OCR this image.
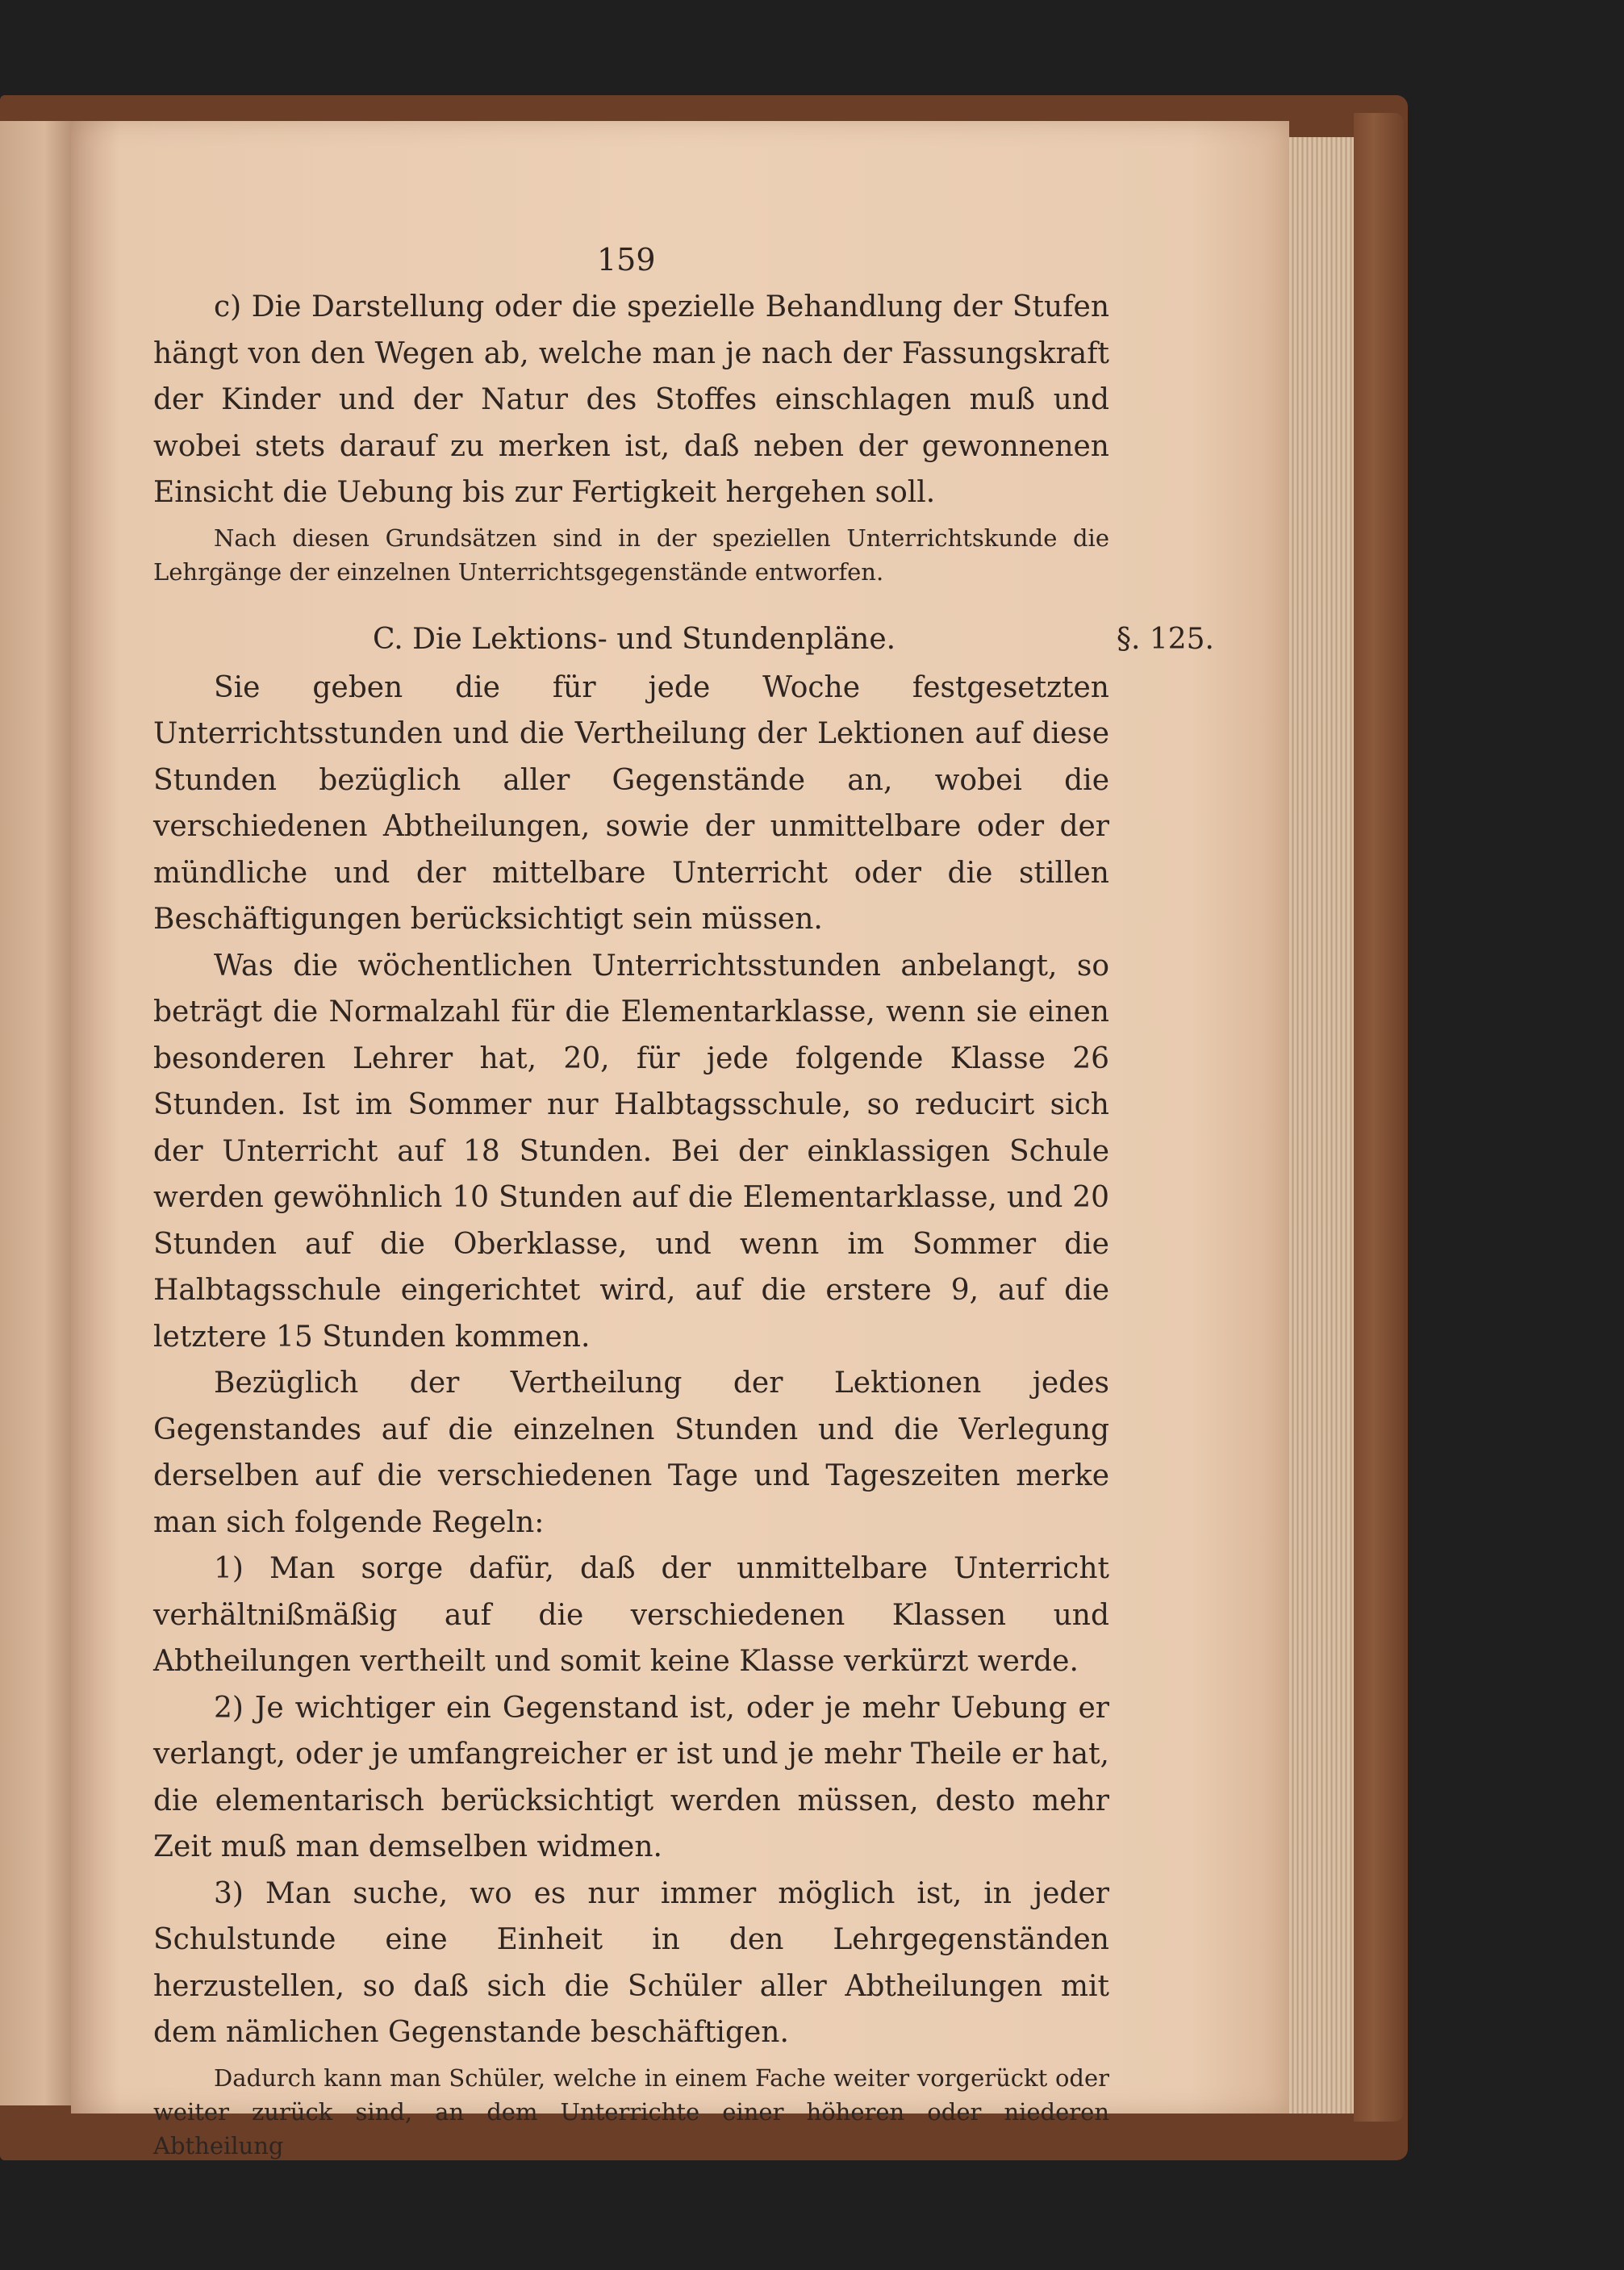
159

c) Die Darstellung oder die spezielle Behandlung der Stufen hängt von den Wegen ab, welche man je nach der Fassungskraft der Kinder und der Natur des Stoffes einschlagen muß und wobei stets darauf zu merken ist, daß neben der gewonnenen Einsicht die Uebung bis zur Fertigkeit hergehen soll.

Nach diesen Grundsätzen sind in der speziellen Unterrichtskunde die Lehrgänge der einzelnen Unterrichtsgegenstände entworfen.

C. Die Lektions- und Stundenpläne.	§. 125.

Sie geben die für jede Woche festgesetzten Unterrichtsstunden und die Vertheilung der Lektionen auf diese Stunden bezüglich aller Gegenstände an, wobei die verschiedenen Abtheilungen, sowie der unmittelbare oder der mündliche und der mittelbare Unterricht oder die stillen Beschäftigungen berücksichtigt sein müssen.

Was die wöchentlichen Unterrichtsstunden anbelangt, so beträgt die Normalzahl für die Elementarklasse, wenn sie einen besonderen Lehrer hat, 20, für jede folgende Klasse 26 Stunden. Ist im Sommer nur Halbtagsschule, so reducirt sich der Unterricht auf 18 Stunden. Bei der einklassigen Schule werden gewöhnlich 10 Stunden auf die Elementarklasse, und 20 Stunden auf die Oberklasse, und wenn im Sommer die Halbtagsschule eingerichtet wird, auf die erstere 9, auf die letztere 15 Stunden kommen.

Bezüglich der Vertheilung der Lektionen jedes Gegenstandes auf die einzelnen Stunden und die Verlegung derselben auf die verschiedenen Tage und Tageszeiten merke man sich folgende Regeln:

1) Man sorge dafür, daß der unmittelbare Unterricht verhältnißmäßig auf die verschiedenen Klassen und Abtheilungen vertheilt und somit keine Klasse verkürzt werde.

2) Je wichtiger ein Gegenstand ist, oder je mehr Uebung er verlangt, oder je umfangreicher er ist und je mehr Theile er hat, die elementarisch berücksichtigt werden müssen, desto mehr Zeit muß man demselben widmen.

3) Man suche, wo es nur immer möglich ist, in jeder Schulstunde eine Einheit in den Lehrgegenständen herzustellen, so daß sich die Schüler aller Abtheilungen mit dem nämlichen Gegenstande beschäftigen.

Dadurch kann man Schüler, welche in einem Fache weiter vorgerückt oder weiter zurück sind, an dem Unterrichte einer höheren oder niederen Abtheilung
